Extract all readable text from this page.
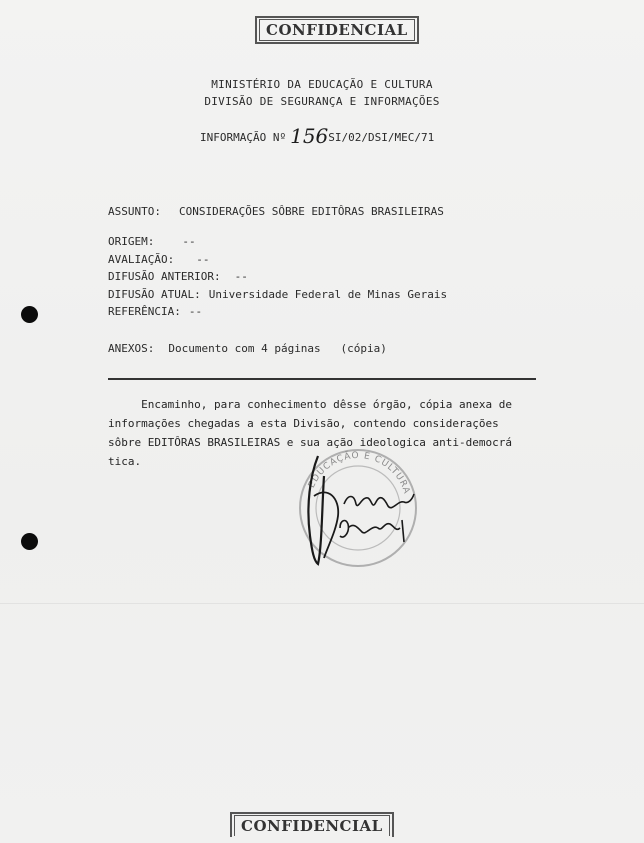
CONFIDENCIAL
MINISTÉRIO DA EDUCAÇÃO E CULTURA
DIVISÃO DE SEGURANÇA E INFORMAÇÕES
INFORMAÇÃO Nº 156SI/02/DSI/MEC/71
ASSUNTO: CONSIDERAÇÕES SÔBRE EDITÔRAS BRASILEIRAS
ORIGEM:	--
AVALIAÇÃO: --
DIFUSÃO ANTERIOR: --
DIFUSÃO ATUAL: Universidade Federal de Minas Gerais
REFERÊNCIA: --
ANEXOS: Documento com 4 páginas   (cópia)
Encaminho, para conhecimento dêsse órgão, cópia anexa de
informações chegadas a esta Divisão, contendo considerações
sôbre EDITÔRAS BRASILEIRAS e sua ação ideologica anti-democrá
tica.
EDUCAÇÃO E CULTURA
CONFIDENCIAL
